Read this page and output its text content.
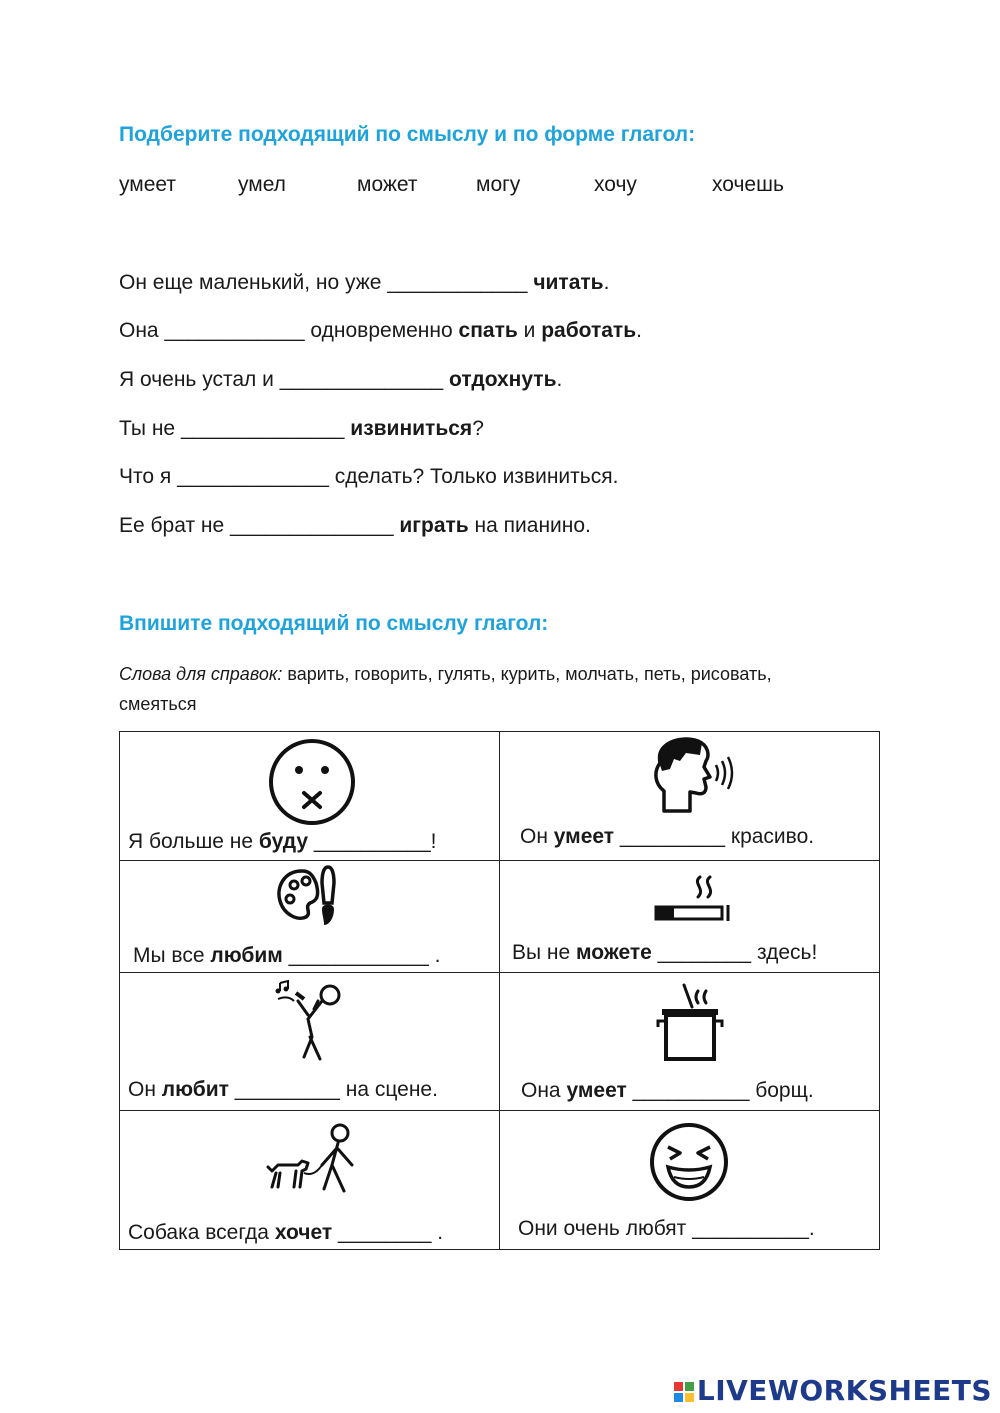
Подберите подходящий по смыслу и по форме глагол:
умеет	умел	может	могу	хочу	хочешь
Он еще маленький, но уже ____________ читать.
Она ____________ одновременно спать и работать.
Я очень устал и ______________ отдохнуть.
Ты не ______________ извиниться?
Что я _____________ сделать? Только извиниться.
Ее брат не ______________ играть на пианино.
Впишите подходящий по смыслу глагол:
Слова для справок: варить, говорить, гулять, курить, молчать, петь, рисовать, смеяться
Я больше не буду __________!	Он умеет _________ красиво.

Мы все любим ____________ .	Вы не можете ________ здесь!

Он любит _________ на сцене.	Она умеет __________ борщ.

Собака всегда хочет ________ .	Они очень любят __________.
LIVEWORKSHEETS
